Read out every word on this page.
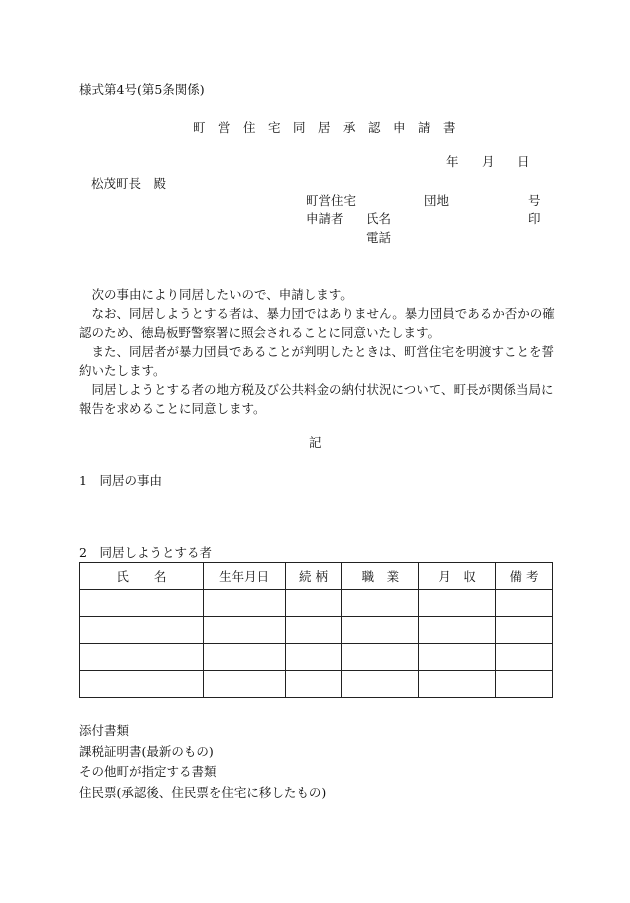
様式第4号(第5条関係)
町　営　住　宅　同　居　承　認　申　請　書
年 月 日
松茂町長　殿
町営住宅	団地	号
申請者 氏名	印
電話

次の事由により同居したいので、申請します。

なお、同居しようとする者は、暴力団ではありません。暴力団員であるか否かの確認のため、徳島板野警察署に照会されることに同意いたします。

また、同居者が暴力団員であることが判明したときは、町営住宅を明渡すことを誓約いたします。

同居しようとする者の地方税及び公共料金の納付状況について、町長が関係当局に報告を求めることに同意します。

記
1　同居の事由
2　同居しようとする者
氏　　名	生年月日	続 柄	職　業	月　収	備 考

添付書類
課税証明書(最新のもの)
その他町が指定する書類
住民票(承認後、住民票を住宅に移したもの)
